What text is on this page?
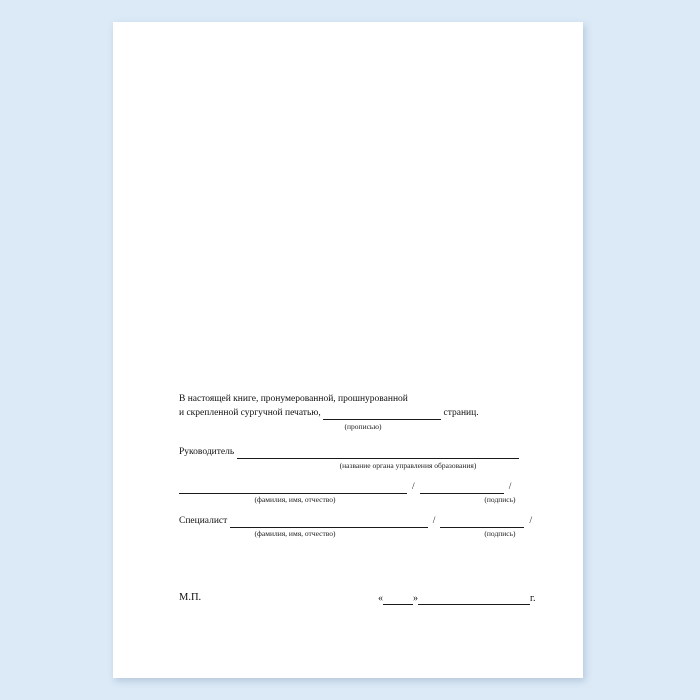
В настоящей книге, пронумерованной, прошнурованной
и скрепленной сургучной печатью,	страниц.
(прописью)
Руководитель
(название органа управления образования)
/	/
(фамилия, имя, отчество)	(подпись)
Специалист	/	/
(фамилия, имя, отчество)	(подпись)
М.П.	«	»	г.
